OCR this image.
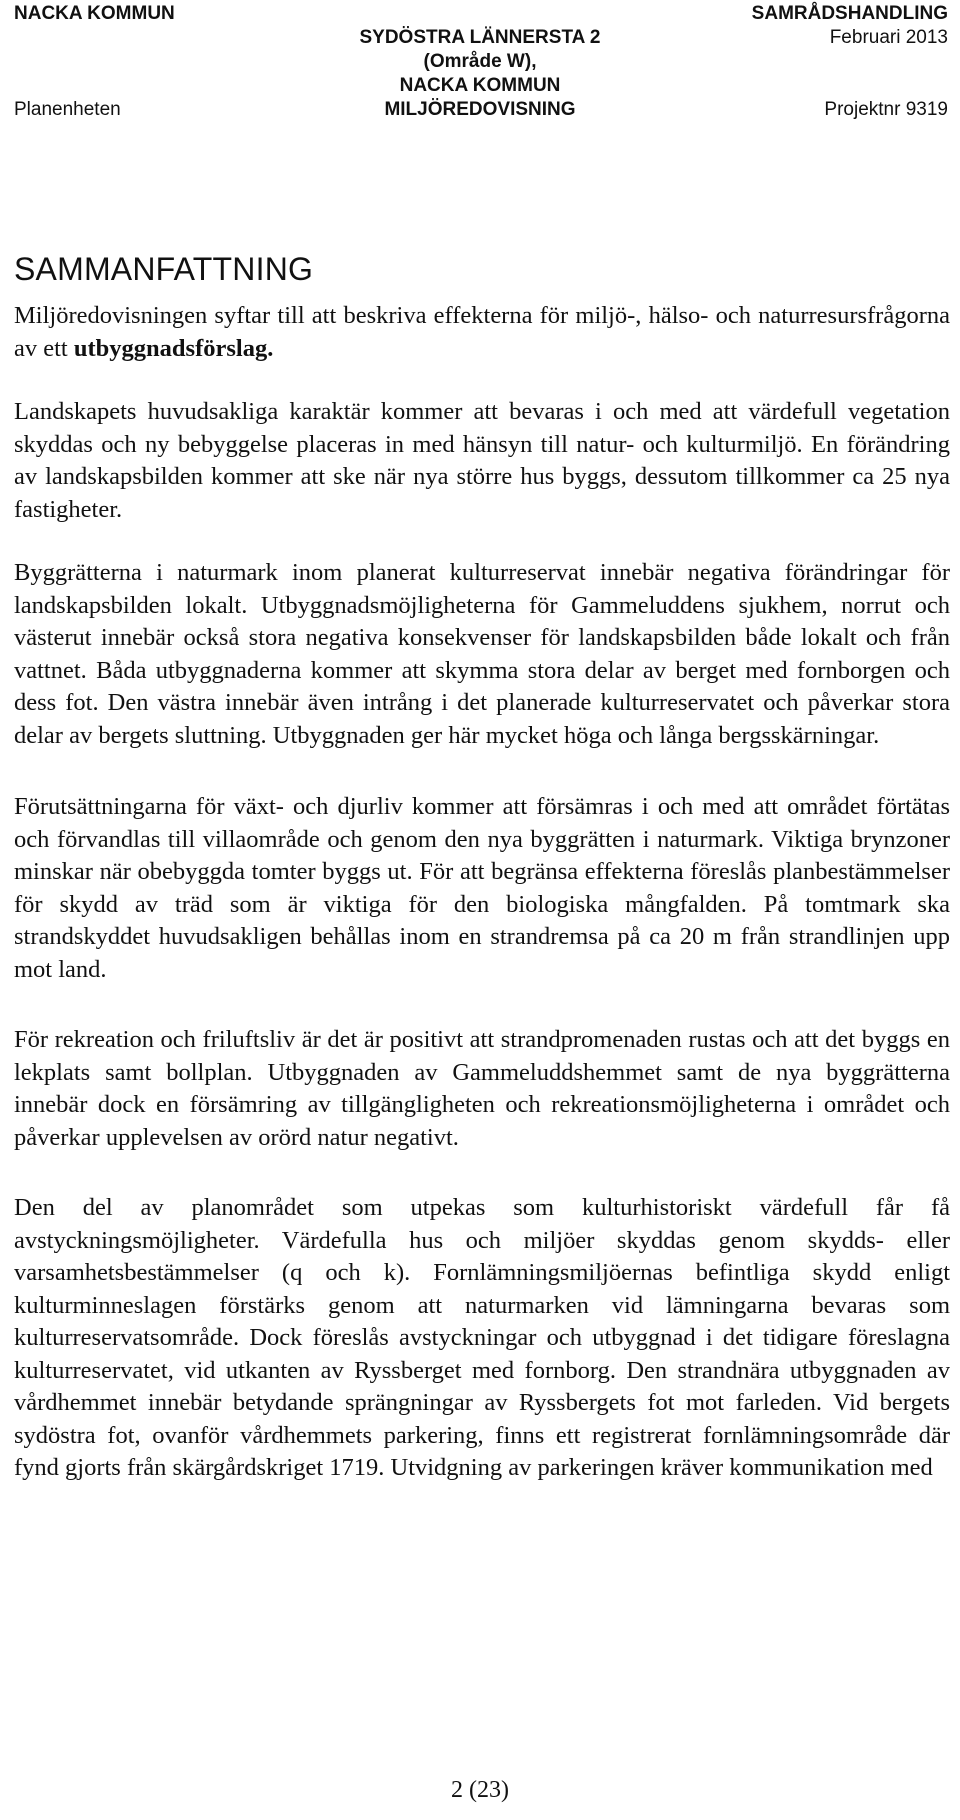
NACKA KOMMUN	SAMRÅDSHANDLING
Februari 2013
SYDÖSTRA LÄNNERSTA 2
(Område W),
NACKA KOMMUN
Planenheten	MILJÖREDOVISNING	Projektnr 9319
SAMMANFATTNING

Miljöredovisningen syftar till att beskriva effekterna för miljö-, hälso- och naturresursfrågorna av ett utbyggnadsförslag.

Landskapets huvudsakliga karaktär kommer att bevaras i och med att värdefull vegetation skyddas och ny bebyggelse placeras in med hänsyn till natur- och kulturmiljö. En förändring av landskapsbilden kommer att ske när nya större hus byggs, dessutom tillkommer ca 25 nya fastigheter.

Byggrätterna i naturmark inom planerat kulturreservat innebär negativa förändringar för landskapsbilden lokalt. Utbyggnadsmöjligheterna för Gammeluddens sjukhem, norrut och västerut innebär också stora negativa konsekvenser för landskapsbilden både lokalt och från vattnet. Båda utbyggnaderna kommer att skymma stora delar av berget med fornborgen och dess fot. Den västra innebär även intrång i det planerade kulturreservatet och påverkar stora delar av bergets sluttning. Utbyggnaden ger här mycket höga och långa bergsskärningar.

Förutsättningarna för växt- och djurliv kommer att försämras i och med att området förtätas och förvandlas till villaområde och genom den nya byggrätten i naturmark. Viktiga brynzoner minskar när obebyggda tomter byggs ut. För att begränsa effekterna föreslås planbestämmelser för skydd av träd som är viktiga för den biologiska mångfalden. På tomtmark ska strandskyddet huvudsakligen behållas inom en strandremsa på ca 20 m från strandlinjen upp mot land.

För rekreation och friluftsliv är det är positivt att strandpromenaden rustas och att det byggs en lekplats samt bollplan. Utbyggnaden av Gammeluddshemmet samt de nya byggrätterna innebär dock en försämring av tillgängligheten och rekreationsmöjligheterna i området och påverkar upplevelsen av orörd natur negativt.

Den del av planområdet som utpekas som kulturhistoriskt värdefull får få avstyckningsmöjligheter. Värdefulla hus och miljöer skyddas genom skydds- eller varsamhetsbestämmelser (q och k). Fornlämningsmiljöernas befintliga skydd enligt kulturminneslagen förstärks genom att naturmarken vid lämningarna bevaras som kulturreservatsområde. Dock föreslås avstyckningar och utbyggnad i det tidigare föreslagna kulturreservatet, vid utkanten av Ryssberget med fornborg. Den strandnära utbyggnaden av vårdhemmet innebär betydande sprängningar av Ryssbergets fot mot farleden. Vid bergets sydöstra fot, ovanför vårdhemmets parkering, finns ett registrerat fornlämningsområde där fynd gjorts från skärgårdskriget 1719. Utvidgning av parkeringen kräver kommunikation med

2 (23)
